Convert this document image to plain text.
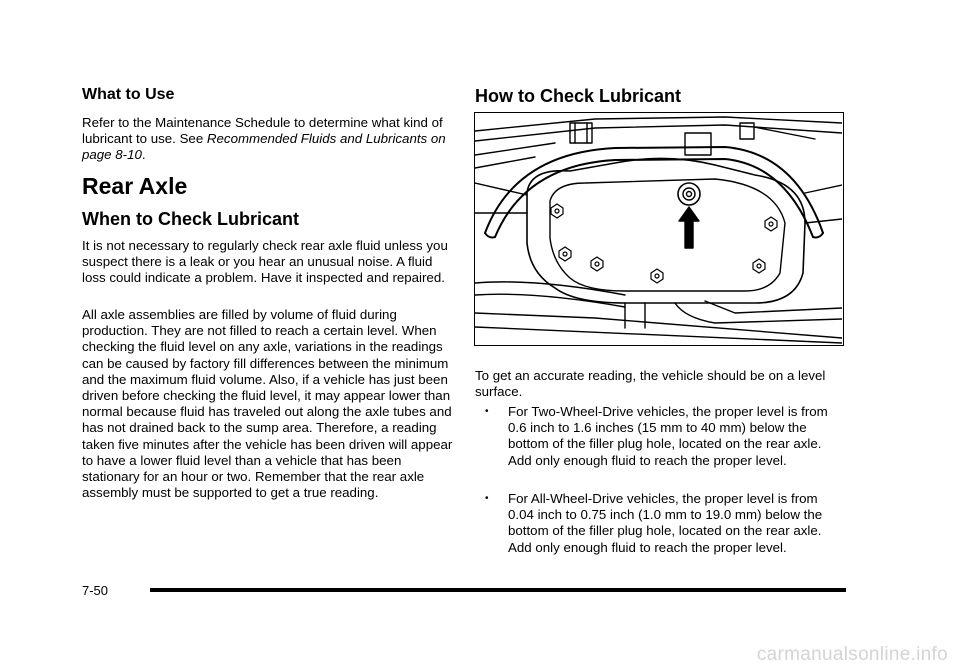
What to Use

Refer to the Maintenance Schedule to determine what kind of lubricant to use. See Recommended Fluids and Lubricants on page 8-10.

Rear Axle
When to Check Lubricant

It is not necessary to regularly check rear axle fluid unless you suspect there is a leak or you hear an unusual noise. A fluid loss could indicate a problem. Have it inspected and repaired.

All axle assemblies are filled by volume of fluid during production. They are not filled to reach a certain level. When checking the fluid level on any axle, variations in the readings can be caused by factory fill differences between the minimum and the maximum fluid volume. Also, if a vehicle has just been driven before checking the fluid level, it may appear lower than normal because fluid has traveled out along the axle tubes and has not drained back to the sump area. Therefore, a reading taken five minutes after the vehicle has been driven will appear to have a lower fluid level than a vehicle that has been stationary for an hour or two. Remember that the rear axle assembly must be supported to get a true reading.

How to Check Lubricant

To get an accurate reading, the vehicle should be on a level surface.

• For Two-Wheel-Drive vehicles, the proper level is from 0.6 inch to 1.6 inches (15 mm to 40 mm) below the bottom of the filler plug hole, located on the rear axle. Add only enough fluid to reach the proper level.
• For All-Wheel-Drive vehicles, the proper level is from 0.04 inch to 0.75 inch (1.0 mm to 19.0 mm) below the bottom of the filler plug hole, located on the rear axle. Add only enough fluid to reach the proper level.
7-50
carmanualsonline.info
